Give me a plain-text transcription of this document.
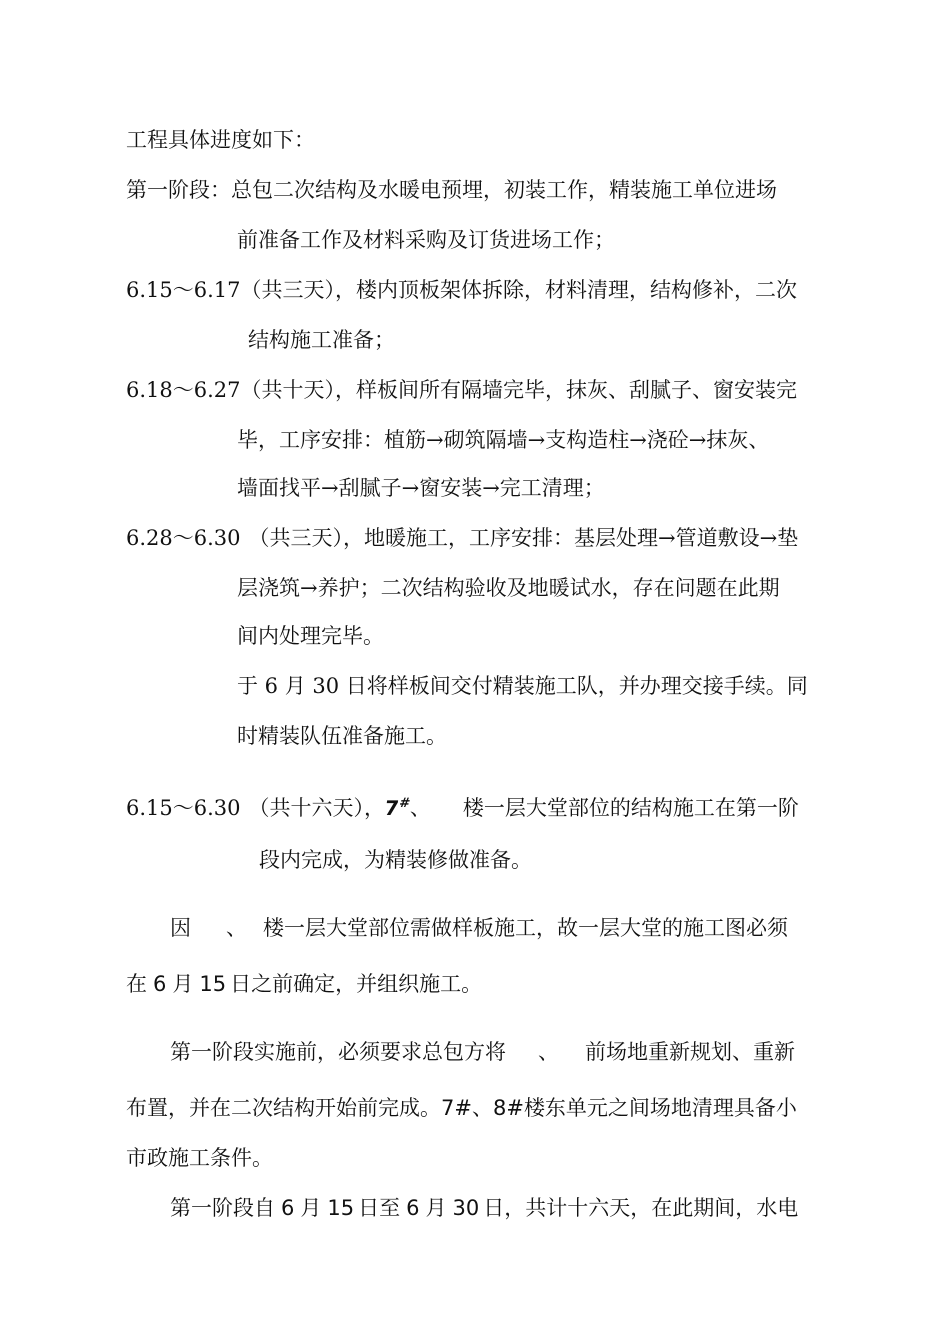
工程具体进度如下：
第一阶段：总包二次结构及水暖电预埋，初装工作，精装施工单位进场
前准备工作及材料采购及订货进场工作；
6.15～6.17（共三天），楼内顶板架体拆除，材料清理，结构修补，二次
结构施工准备；
6.18～6.27（共十天），样板间所有隔墙完毕，抹灰、刮腻子、窗安装完
毕，工序安排：植筋→砌筑隔墙→支构造柱→浇砼→抹灰、
墙面找平→刮腻子→窗安装→完工清理；
6.28～6.30 （共三天），地暖施工，工序安排：基层处理→管道敷设→垫
层浇筑→养护；二次结构验收及地暖试水，存在问题在此期
间内处理完毕。
于 6 月 30 日将样板间交付精装施工队，并办理交接手续。同
时精装队伍准备施工。
6.15～6.30 （共十六天），7#、 楼一层大堂部位的结构施工在第一阶
段内完成，为精装修做准备。
因 、 楼一层大堂部位需做样板施工，故一层大堂的施工图必须
在 6 月 15 日之前确定，并组织施工。
第一阶段实施前，必须要求总包方将 、 前场地重新规划、重新
布置，并在二次结构开始前完成。7#、8#楼东单元之间场地清理具备小
市政施工条件。
第一阶段自 6 月 15 日至 6 月 30 日，共计十六天，在此期间，水电
